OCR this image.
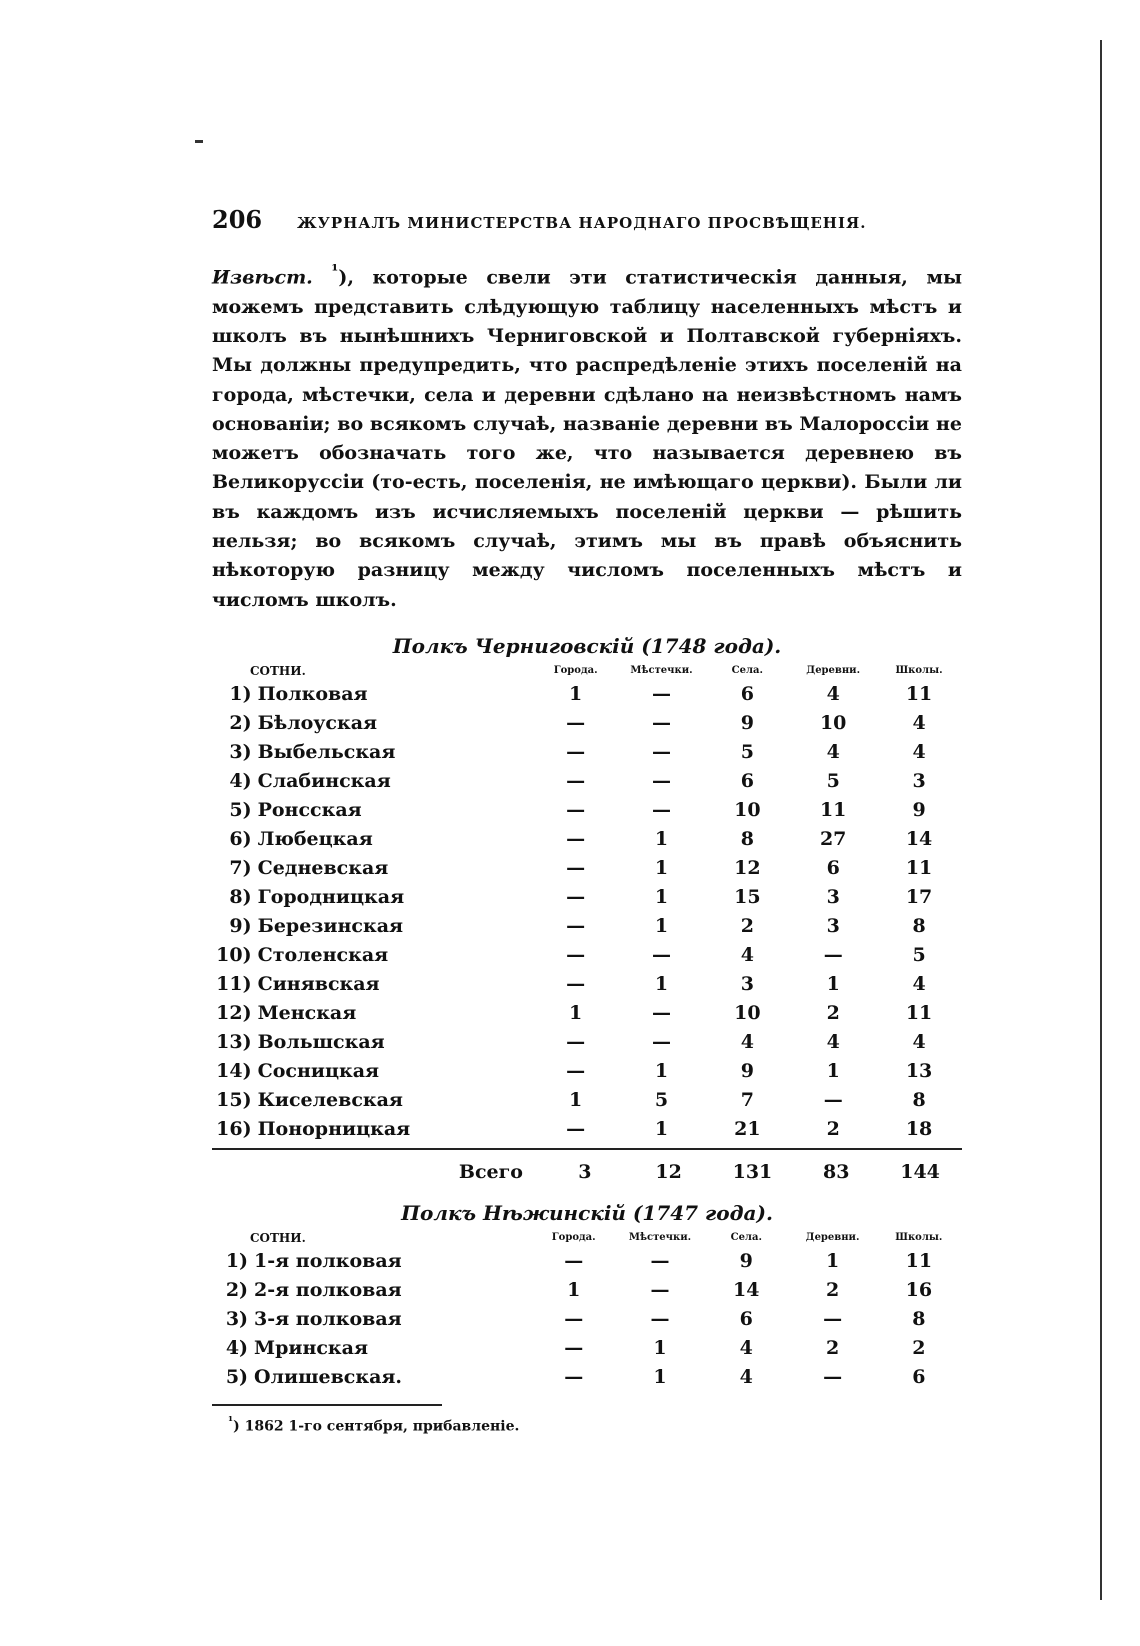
206	ЖУРНАЛЪ МИНИСТЕРСТВА НАРОДНАГО ПРОСВѢЩЕНІЯ.

Извѣст. $^{^1}$), которые свели эти статистическія данныя, мы можемъ представить слѣдующую таблицу населенныхъ мѣстъ и школъ въ нынѣшнихъ Черниговской и Полтавской губерніяхъ. Мы должны предупредить, что распредѣленіе этихъ поселеній на города, мѣстечки, села и деревни сдѣлано на неизвѣстномъ намъ основаніи; во всякомъ случаѣ, названіе деревни въ Малороссіи не можетъ обозначать того же, что называется деревнею въ Великоруссіи (то-есть, поселенія, не имѣющаго церкви). Были ли въ каждомъ изъ исчисляемыхъ поселеній церкви — рѣшить нельзя; во всякомъ случаѣ, этимъ мы въ правѣ объяснить нѣкоторую разницу между числомъ поселенныхъ мѣстъ и числомъ школъ.

Полкъ Черниговскій (1748 года).
СОТНИ.		Города.	Мѣстечки.	Села.	Деревни.	Школы.
1)	Полковая	1	—	6	4	11
2)	Бѣлоуская	—	—	9	10	4
3)	Выбельская	—	—	5	4	4
4)	Слабинская	—	—	6	5	3
5)	Ронсская	—	—	10	11	9
6)	Любецкая	—	1	8	27	14
7)	Седневская	—	1	12	6	11
8)	Городницкая	—	1	15	3	17
9)	Березинская	—	1	2	3	8
10)	Столенская	—	—	4	—	5
11)	Синявская	—	1	3	1	4
12)	Менская	1	—	10	2	11
13)	Вольшская	—	—	4	4	4
14)	Сосницкая	—	1	9	1	13
15)	Киселевская	1	5	7	—	8
16)	Понорницкая	—	1	21	2	18
	Всего	3	12	131	83	144
Полкъ Нѣжинскій (1747 года).
СОТНИ.		Города.	Мѣстечки.	Села.	Деревни.	Школы.
1)	1-я полковая	—	—	9	1	11
2)	2-я полковая	1	—	14	2	16
3)	3-я полковая	—	—	6	—	8
4)	Мринская	—	1	4	2	2
5)	Олишевская.	—	1	4	—	6
$^{^1}$) 1862 1-го сентября, прибавленіе.
